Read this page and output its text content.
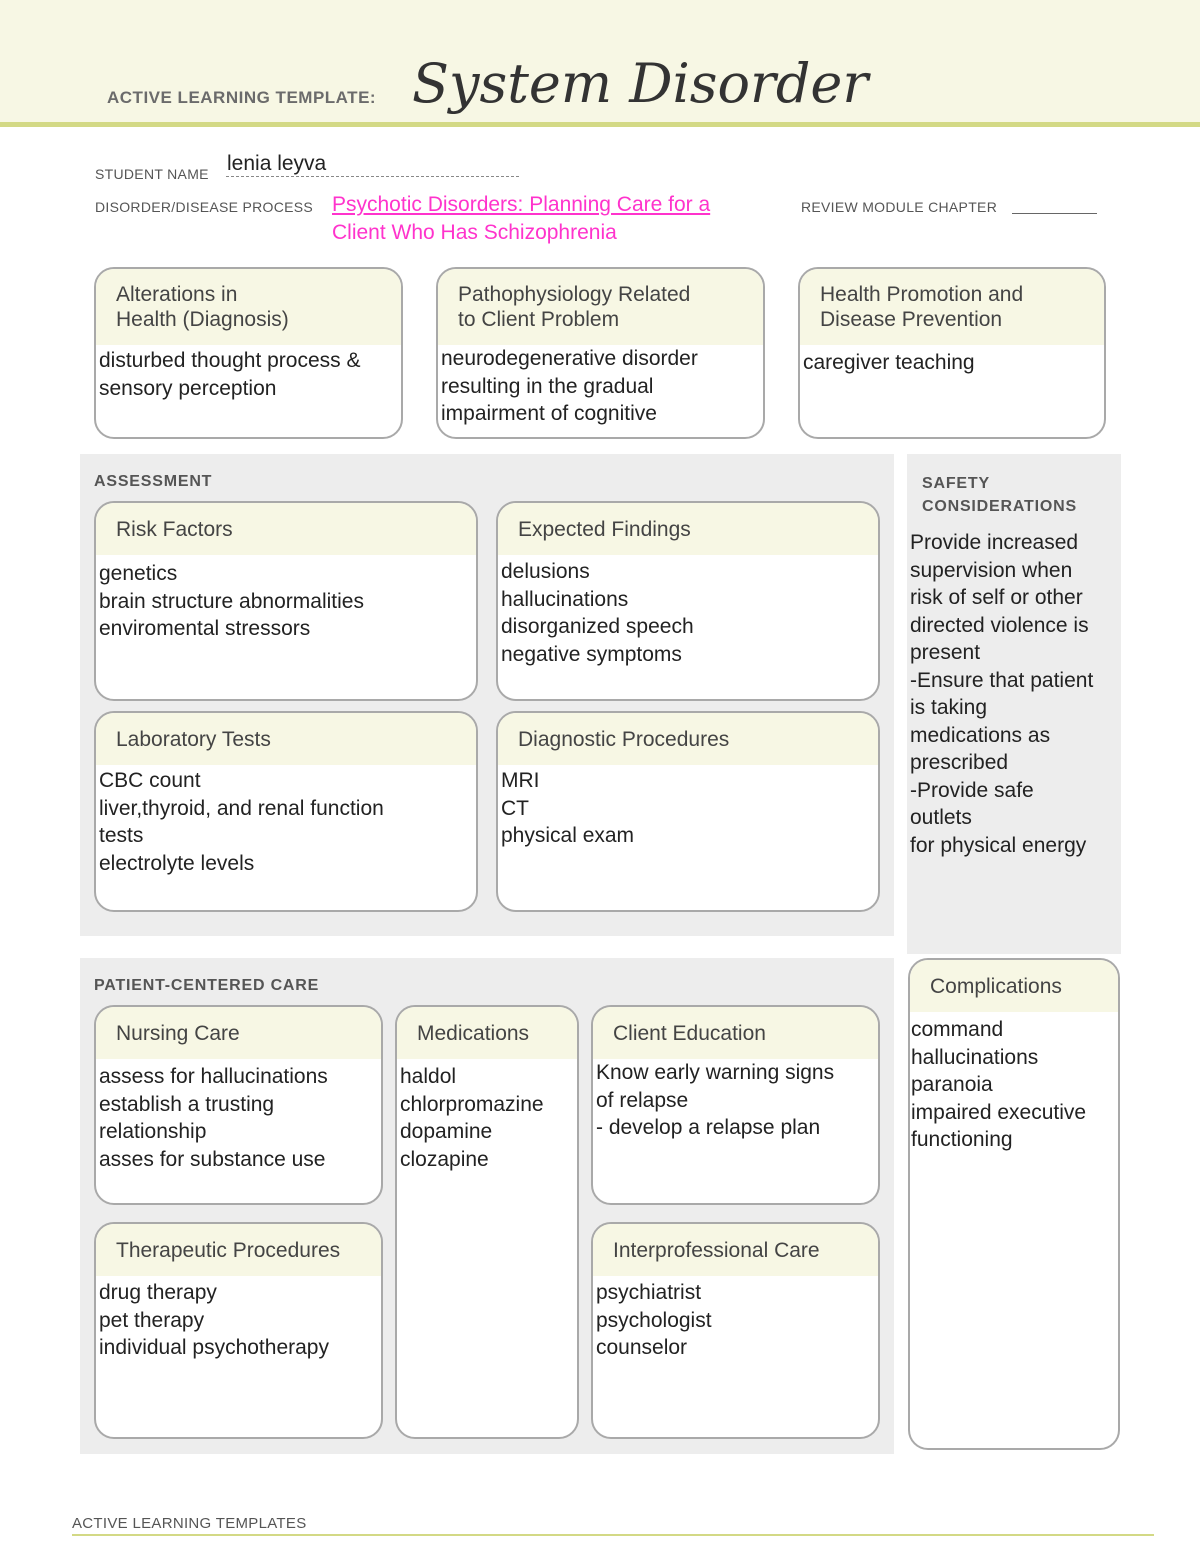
ACTIVE LEARNING TEMPLATE: System Disorder
STUDENT NAME lenia leyva
DISORDER/DISEASE PROCESS Psychotic Disorders: Planning Care for a
Client Who Has Schizophrenia
REVIEW MODULE CHAPTER
Alterations in
Health (Diagnosis)
disturbed thought process &
sensory perception
Pathophysiology Related
to Client Problem
neurodegenerative disorder
resulting in the gradual
impairment of cognitive
Health Promotion and
Disease Prevention
caregiver teaching
ASSESSMENT
Risk Factors
genetics
brain structure abnormalities
enviromental stressors
Expected Findings
delusions
hallucinations
disorganized speech
negative symptoms
Laboratory Tests
CBC count
liver,thyroid, and renal function
tests
electrolyte levels
Diagnostic Procedures
MRI
CT
physical exam
SAFETY
CONSIDERATIONS
Provide increased
supervision when
risk of self or other
directed violence is
present
-Ensure that patient
is taking
medications as
prescribed
-Provide safe
outlets
for physical energy
PATIENT-CENTERED CARE
Nursing Care
assess for hallucinations
establish a trusting
relationship
asses for substance use
Medications
haldol
chlorpromazine
dopamine
clozapine
Client Education
Know early warning signs
of relapse
- develop a relapse plan
Therapeutic Procedures
drug therapy
pet therapy
individual psychotherapy
Interprofessional Care
psychiatrist
psychologist
counselor
Complications
command
hallucinations
paranoia
impaired executive
functioning
ACTIVE LEARNING TEMPLATES
